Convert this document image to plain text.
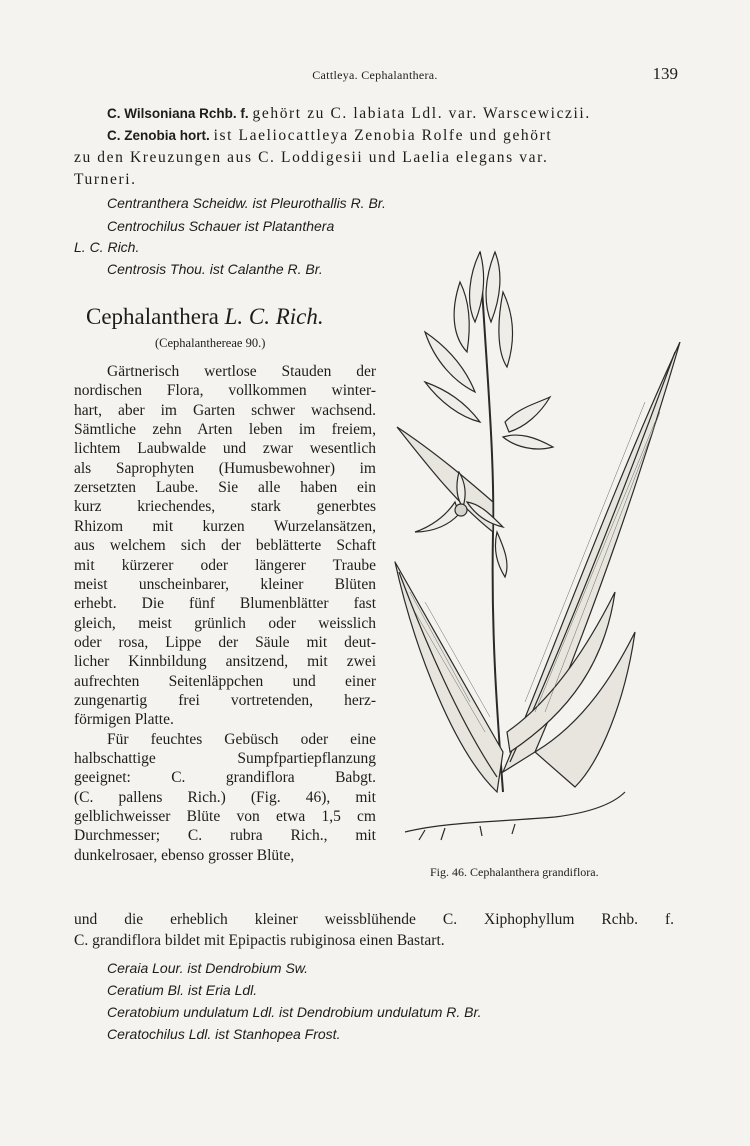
Cattleya. Cephalanthera.	139
C. Wilsoniana Rchb. f. gehört zu C. labiata Ldl. var. Warscewiczii.
C. Zenobia hort. ist Laeliocattleya Zenobia Rolfe und gehört
zu den Kreuzungen aus C. Loddigesii und Laelia elegans var.
Turneri.
Centranthera Scheidw. ist Pleurothallis R. Br.
Centrochilus Schauer ist Platanthera
L. C. Rich.
Centrosis Thou. ist Calanthe R. Br.
Cephalanthera L. C. Rich.
(Cephalanthereae 90.)
Gärtnerisch wertlose Stauden der
nordischen Flora, vollkommen winter-
hart, aber im Garten schwer wachsend.
Sämtliche zehn Arten leben im freiem,
lichtem Laubwalde und zwar wesentlich
als Saprophyten (Humusbewohner) im
zersetzten Laube. Sie alle haben ein
kurz kriechendes, stark generbtes
Rhizom mit kurzen Wurzelansätzen,
aus welchem sich der beblätterte Schaft
mit kürzerer oder längerer Traube
meist unscheinbarer, kleiner Blüten
erhebt. Die fünf Blumenblätter fast
gleich, meist grünlich oder weisslich
oder rosa, Lippe der Säule mit deut-
licher Kinnbildung ansitzend, mit zwei
aufrechten Seitenläppchen und einer
zungenartig frei vortretenden, herz-
förmigen Platte.
Für feuchtes Gebüsch oder eine
halbschattige Sumpfpartiepflanzung
geeignet: C. grandiflora Babgt.
(C. pallens Rich.) (Fig. 46), mit
gelblichweisser Blüte von etwa 1,5 cm
Durchmesser; C. rubra Rich., mit
dunkelrosaer, ebenso grosser Blüte,
und die erheblich kleiner weissblühende C. Xiphophyllum Rchb. f.
C. grandiflora bildet mit Epipactis rubiginosa einen Bastart.
Ceraia Lour. ist Dendrobium Sw.
Ceratium Bl. ist Eria Ldl.
Ceratobium undulatum Ldl. ist Dendrobium undulatum R. Br.
Ceratochilus Ldl. ist Stanhopea Frost.
Fig. 46. Cephalanthera grandiflora.
